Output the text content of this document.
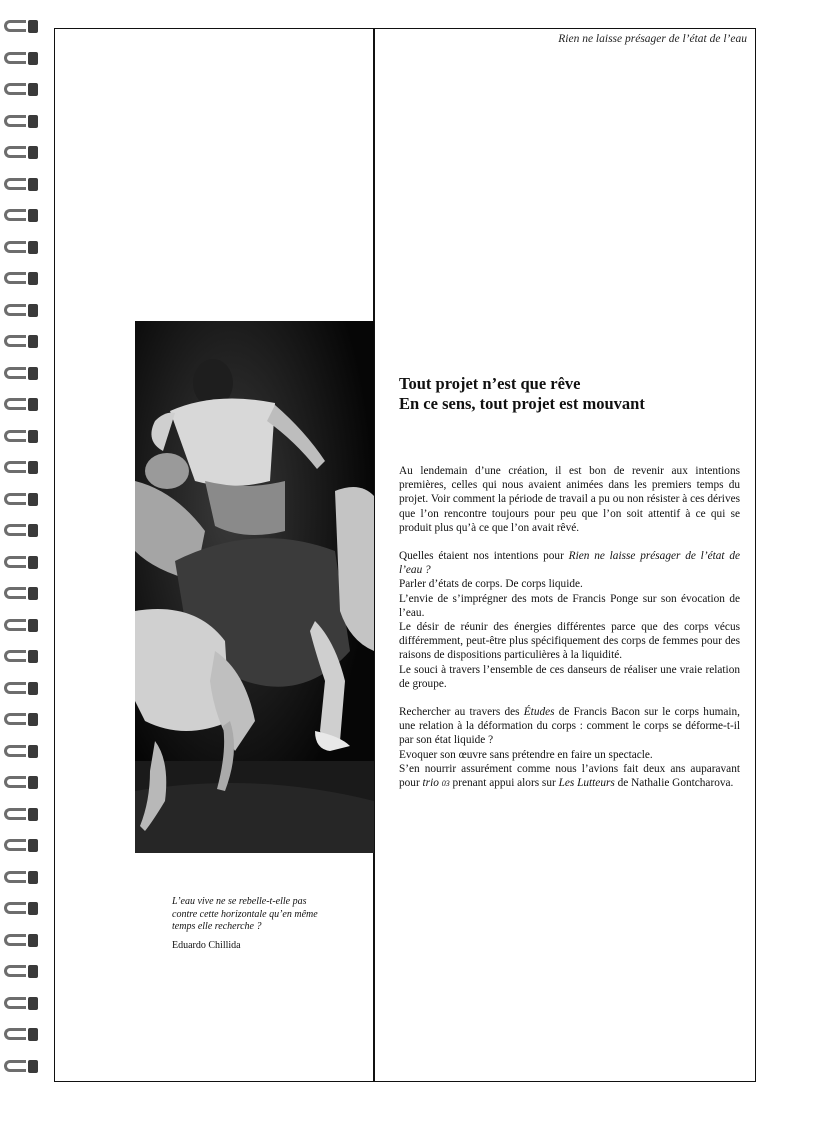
Rien ne laisse présager de l’état de l’eau
L’eau vive ne se rebelle-t-elle pas
contre cette horizontale qu’en même
temps elle recherche ?
Eduardo Chillida
Tout projet n’est que rêve
En ce sens, tout projet est mouvant

Au lendemain d’une création, il est bon de revenir aux intentions premières, celles qui nous avaient animées dans les premiers temps du projet. Voir comment la période de travail a pu ou non résister à ces dérives que l’on rencontre toujours pour peu que l’on soit attentif à ce qui se produit plus qu’à ce que l’on avait rêvé.

Quelles étaient nos intentions pour Rien ne laisse présager de l’état de l’eau ?
Parler d’états de corps. De corps liquide.
L’envie de s’imprégner des mots de Francis Ponge sur son évocation de l’eau.
Le désir de réunir des énergies différentes parce que des corps vécus différemment, peut-être plus spécifiquement des corps de femmes pour des raisons de dispositions particulières à la liquidité.
Le souci à travers l’ensemble de ces danseurs de réaliser une vraie relation de groupe.

Rechercher au travers des Études de Francis Bacon sur le corps humain, une relation à la déformation du corps : comment le corps se déforme-t-il par son état liquide ?
Evoquer son œuvre sans prétendre en faire un spectacle.
S’en nourrir assurément comme nous l’avions fait deux ans auparavant pour trio 03 prenant appui alors sur Les Lutteurs de Nathalie Gontcharova.
